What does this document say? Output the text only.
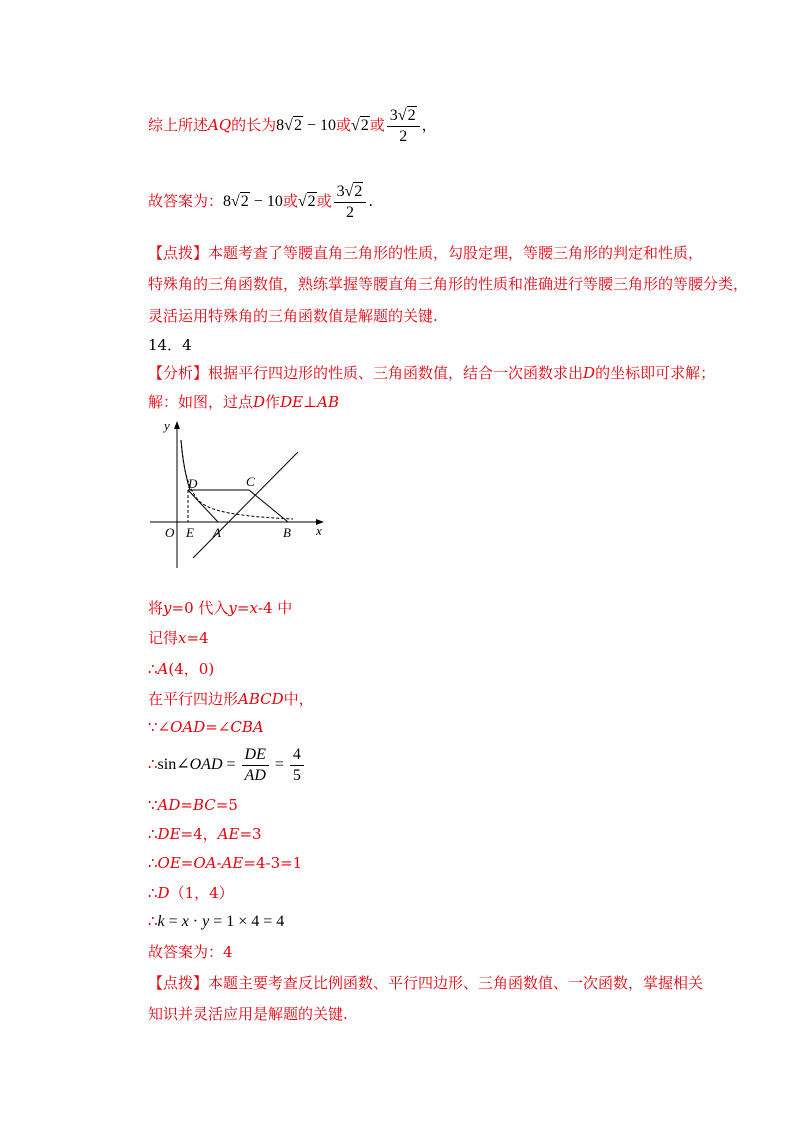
综上所述AQ的长为8√2 − 10或√2或 $\frac{3√2}{2}$ ，
故答案为：8√2 − 10或√2或 $\frac{3√2}{2}$ .
【点拨】本题考查了等腰直角三角形的性质，勾股定理，等腰三角形的判定和性质，
特殊角的三角函数值，熟练掌握等腰直角三角形的性质和准确进行等腰三角形的等腰分类，
灵活运用特殊角的三角函数值是解题的关键.
14．4
【分析】根据平行四边形的性质、三角函数值，结合一次函数求出D的坐标即可求解；
解：如图，过点D作DE⊥AB
y
x
O E A	B
D	C
将y=0 代入y=x-4 中
记得x=4
∴A(4，0)
在平行四边形ABCD中，
∵∠OAD=∠CBA
∴sin∠OAD = $\frac{DE}{AD} = \frac{4}{5}$
∵AD=BC=5
∴DE=4，AE=3
∴OE=OA-AE=4-3=1
∴D（1，4）
∴k = x · y = 1 × 4 = 4
故答案为：4
【点拨】本题主要考查反比例函数、平行四边形、三角函数值、一次函数，掌握相关
知识并灵活应用是解题的关键.
